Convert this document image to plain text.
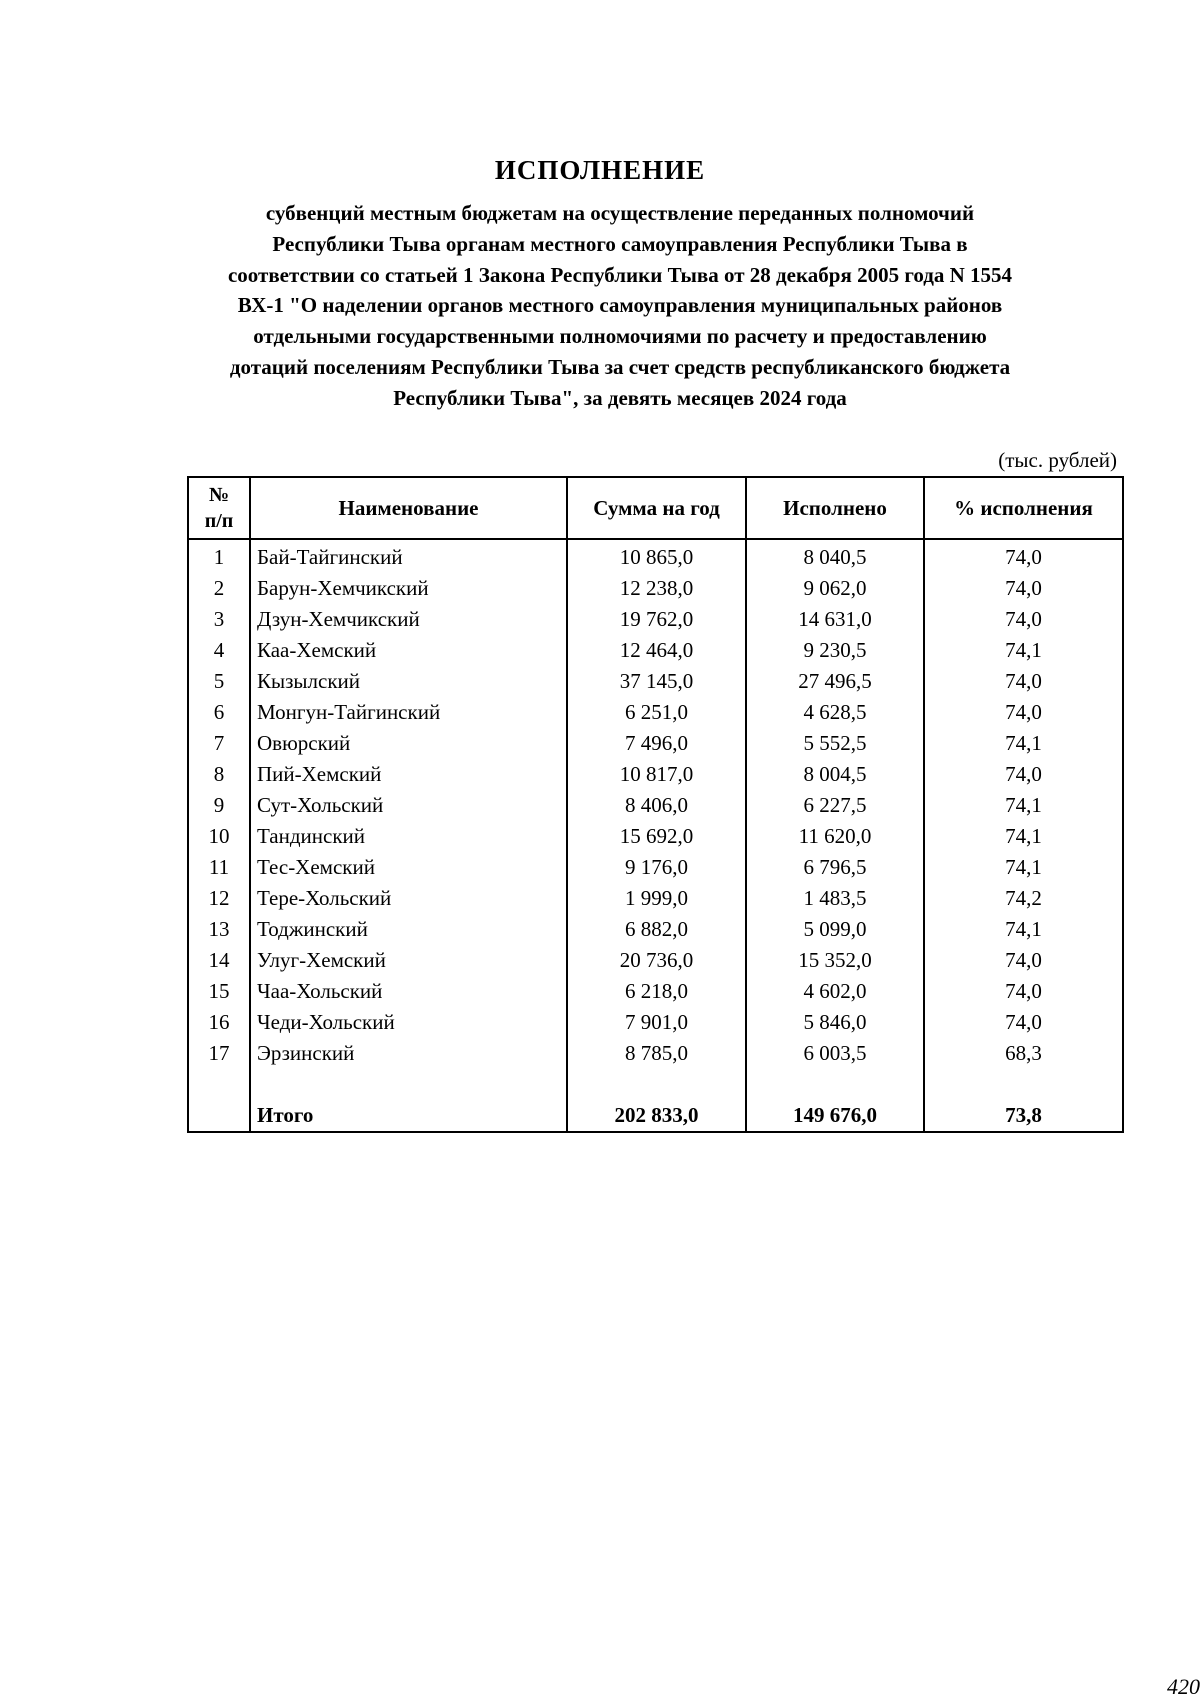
ИСПОЛНЕНИЕ
субвенций местным бюджетам на осуществление переданных полномочий
Республики Тыва органам местного самоуправления Республики Тыва в
соответствии со статьей 1 Закона Республики Тыва от 28 декабря 2005 года N 1554
ВХ-1 "О наделении органов местного самоуправления муниципальных районов
отдельными государственными полномочиями по расчету и предоставлению
дотаций поселениям Республики Тыва за счет средств республиканского бюджета
Республики Тыва", за девять месяцев 2024 года
(тыс. рублей)
№
п/п	Наименование	Сумма на год	Исполнено	% исполнения
1	Бай-Тайгинский	10 865,0	8 040,5	74,0
2	Барун-Хемчикский	12 238,0	9 062,0	74,0
3	Дзун-Хемчикский	19 762,0	14 631,0	74,0
4	Каа-Хемский	12 464,0	9 230,5	74,1
5	Кызылский	37 145,0	27 496,5	74,0
6	Монгун-Тайгинский	6 251,0	4 628,5	74,0
7	Овюрский	7 496,0	5 552,5	74,1
8	Пий-Хемский	10 817,0	8 004,5	74,0
9	Сут-Хольский	8 406,0	6 227,5	74,1
10	Тандинский	15 692,0	11 620,0	74,1
11	Тес-Хемский	9 176,0	6 796,5	74,1
12	Тере-Хольский	1 999,0	1 483,5	74,2
13	Тоджинский	6 882,0	5 099,0	74,1
14	Улуг-Хемский	20 736,0	15 352,0	74,0
15	Чаа-Хольский	6 218,0	4 602,0	74,0
16	Чеди-Хольский	7 901,0	5 846,0	74,0
17	Эрзинский	8 785,0	6 003,5	68,3

	Итого	202 833,0	149 676,0	73,8
420
